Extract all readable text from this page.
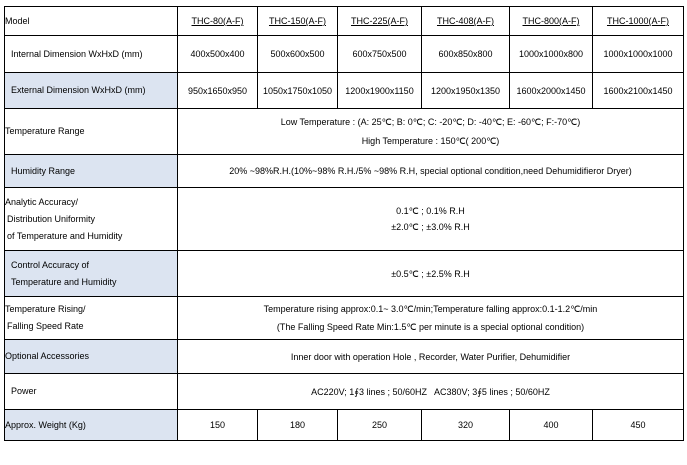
Model	THC-80(A-F)	THC-150(A-F)	THC-225(A-F)	THC-408(A-F)	THC-800(A-F)	THC-1000(A-F)
Internal Dimension WxHxD (mm)	400x500x400	500x600x500	600x750x500	600x850x800	1000x1000x800	1000x1000x1000
External Dimension WxHxD (mm)	950x1650x950	1050x1750x1050	1200x1900x1150	1200x1950x1350	1600x2000x1450	1600x2100x1450
Temperature Range	Low Temperature : (A: 25℃; B: 0℃; C: -20℃; D: -40℃; E: -60℃; F:-70℃)
High Temperature : 150℃( 200℃)					

Humidity Range	20% ~98%R.H.(10%~98% R.H./5% ~98% R.H, special optional condition,need Dehumidifieror Dryer)					

Analytic Accuracy/
Distribution Uniformity
of Temperature and Humidity	0.1℃ ; 0.1% R.H
±2.0℃ ; ±3.0% R.H					

Control Accuracy of
Temperature and Humidity	±0.5℃ ; ±2.5% R.H					

Temperature Rising/
Falling Speed Rate	Temperature rising approx:0.1~ 3.0℃/min;Temperature falling approx:0.1-1.2℃/min
(The Falling Speed Rate Min:1.5℃ per minute is a special optional condition)					

Optional Accessories	Inner door with operation Hole , Recorder, Water Purifier, Dehumidifier					
Power	AC220V; 1∮3 lines ; 50/60HZ   AC380V; 3∮5 lines ; 50/60HZ					
Approx. Weight (Kg)	150	180	250	320	400	450
